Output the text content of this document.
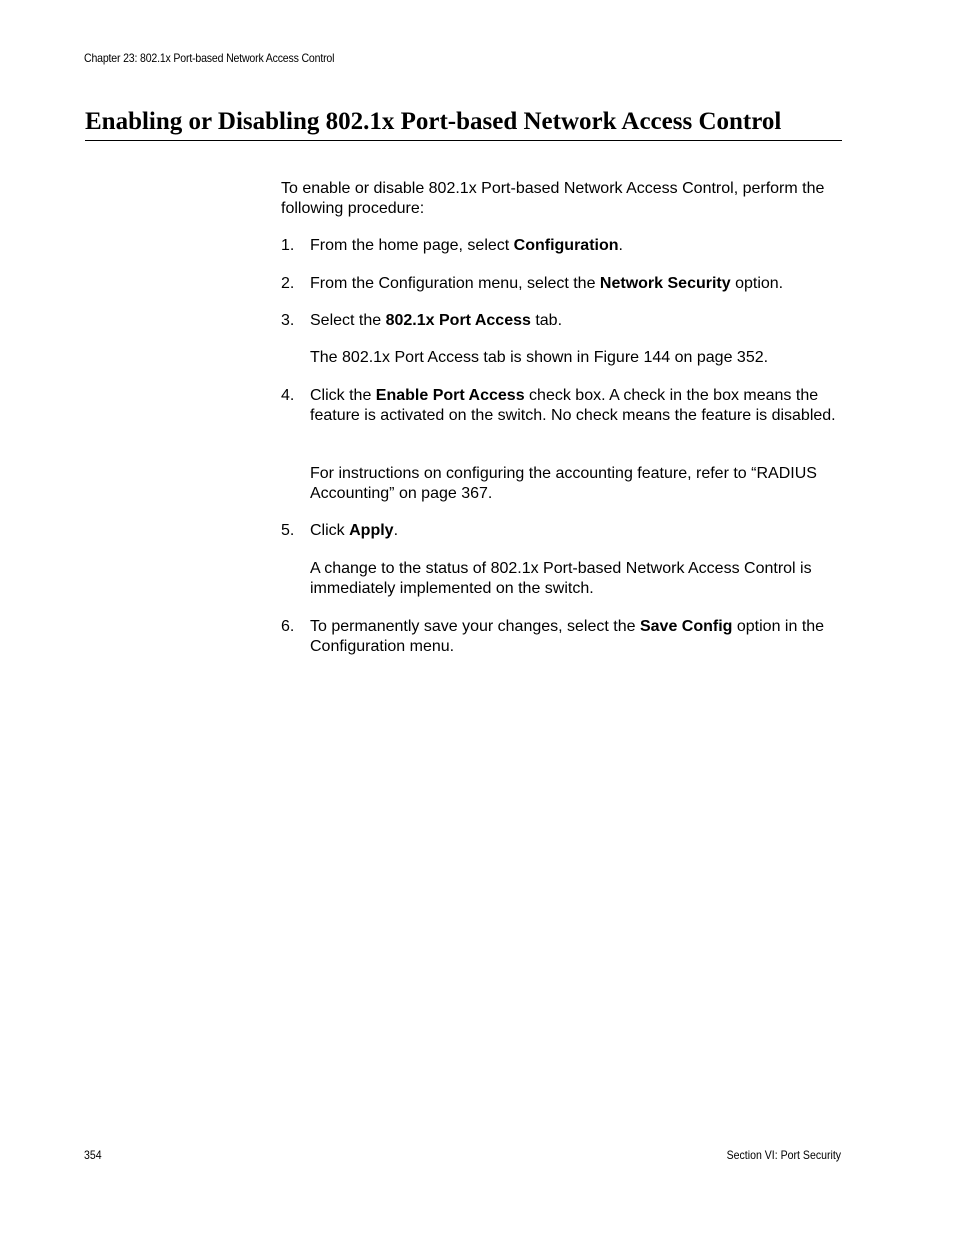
Chapter 23: 802.1x Port-based Network Access Control
Enabling or Disabling 802.1x Port-based Network Access Control
To enable or disable 802.1x Port-based Network Access Control, perform the following procedure:
1. From the home page, select Configuration.
2. From the Configuration menu, select the Network Security option.
3. Select the 802.1x Port Access tab.
The 802.1x Port Access tab is shown in Figure 144 on page 352.
4. Click the Enable Port Access check box. A check in the box means the feature is activated on the switch. No check means the feature is disabled.
For instructions on configuring the accounting feature, refer to “RADIUS Accounting” on page 367.
5. Click Apply.
A change to the status of 802.1x Port-based Network Access Control is immediately implemented on the switch.
6. To permanently save your changes, select the Save Config option in the Configuration menu.
354	Section VI: Port Security
